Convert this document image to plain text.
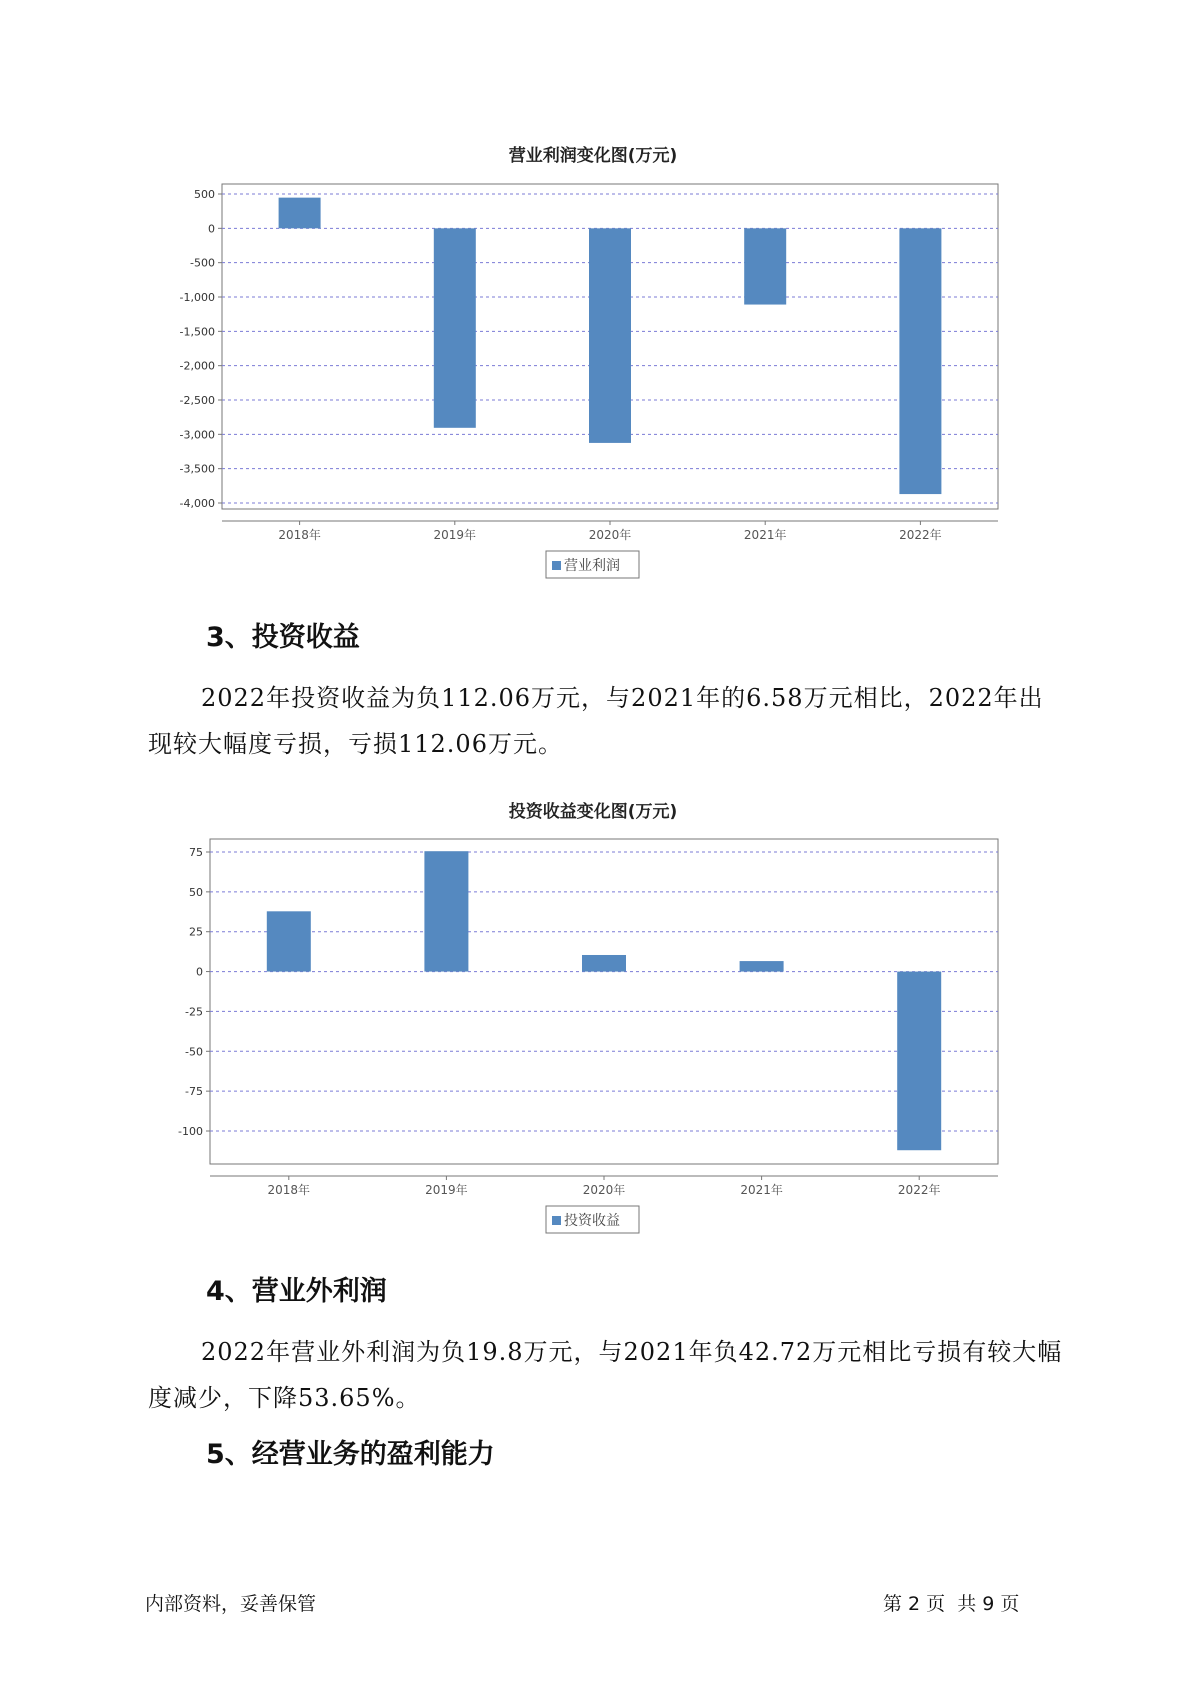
营业利润变化图(万元)
500
0
-500
-1,000
-1,500
-2,000
-2,500
-3,000
-3,500
-4,000
2018年	2019年	2020年	2021年	2022年
营业利润
3、投资收益

2022年投资收益为负112.06万元，与2021年的6.58万元相比，2022年出现较大幅度亏损，亏损112.06万元。

投资收益变化图(万元)
75
50
25
0
-25
-50
-75
-100
2018年	2019年	2020年	2021年	2022年
投资收益
4、营业外利润

2022年营业外利润为负19.8万元，与2021年负42.72万元相比亏损有较大幅度减少，下降53.65%。

5、经营业务的盈利能力
内部资料，妥善保管	第 2 页  共 9 页
